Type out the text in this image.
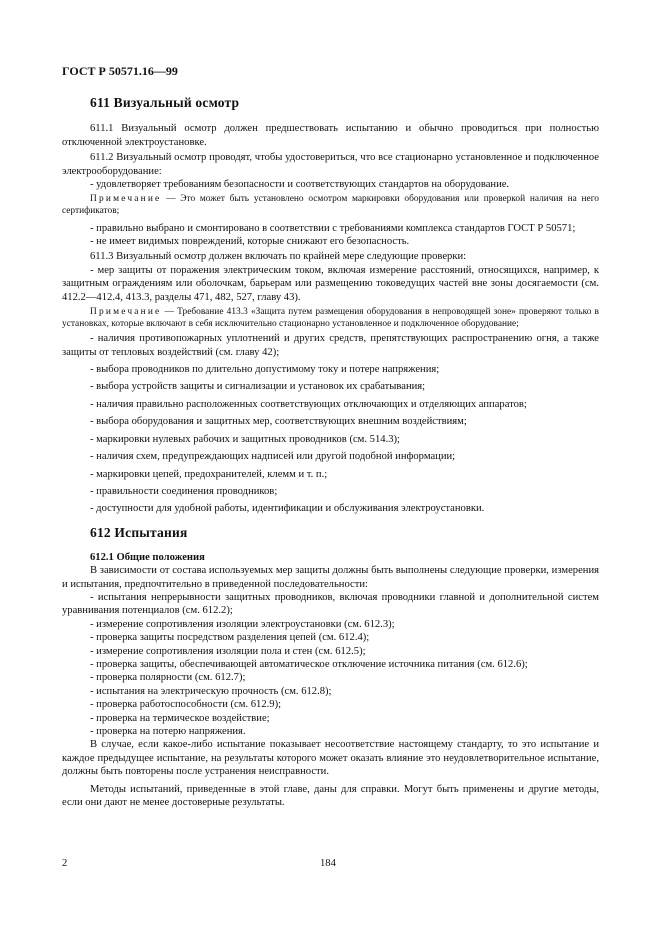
ГОСТ Р 50571.16—99
611 Визуальный осмотр

611.1 Визуальный осмотр должен предшествовать испытанию и обычно проводиться при полностью отключенной электроустановке.

611.2 Визуальный осмотр проводят, чтобы удостовериться, что все стационарно установленное и подключенное электрооборудование:

- удовлетворяет требованиям безопасности и соответствующих стандартов на оборудование.

Примечание — Это может быть установлено осмотром маркировки оборудования или проверкой наличия на него сертификатов;

- правильно выбрано и смонтировано в соответствии с требованиями комплекса стандартов ГОСТ Р 50571;

- не имеет видимых повреждений, которые снижают его безопасность.

611.3 Визуальный осмотр должен включать по крайней мере следующие проверки:

- мер защиты от поражения электрическим током, включая измерение расстояний, относящихся, например, к защитным ограждениям или оболочкам, барьерам или размещению токоведущих частей вне зоны досягаемости (см. 412.2—412.4, 413.3, разделы 471, 482, 527, главу 43).

Примечание — Требование 413.3 «Защита путем размещения оборудования в непроводящей зоне» проверяют только в установках, которые включают в себя исключительно стационарно установленное и подключенное оборудование;

- наличия противопожарных уплотнений и других средств, препятствующих распространению огня, а также защиты от тепловых воздействий (см. главу 42);

- выбора проводников по длительно допустимому току и потере напряжения;

- выбора устройств защиты и сигнализации и установок их срабатывания;

- наличия правильно расположенных соответствующих отключающих и отделяющих аппаратов;

- выбора оборудования и защитных мер, соответствующих внешним воздействиям;

- маркировки нулевых рабочих и защитных проводников (см. 514.3);

- наличия схем, предупреждающих надписей или другой подобной информации;

- маркировки цепей, предохранителей, клемм и т. п.;

- правильности соединения проводников;

- доступности для удобной работы, идентификации и обслуживания электроустановки.

612 Испытания
612.1 Общие положения

В зависимости от состава используемых мер защиты должны быть выполнены следующие проверки, измерения и испытания, предпочтительно в приведенной последовательности:

- испытания непрерывности защитных проводников, включая проводники главной и дополнительной систем уравнивания потенциалов (см. 612.2);

- измерение сопротивления изоляции электроустановки (см. 612.3);

- проверка защиты посредством разделения цепей (см. 612.4);

- измерение сопротивления изоляции пола и стен (см. 612.5);

- проверка защиты, обеспечивающей автоматическое отключение источника питания (см. 612.6);

- проверка полярности (см. 612.7);

- испытания на электрическую прочность (см. 612.8);

- проверка работоспособности (см. 612.9);

- проверка на термическое воздействие;

- проверка на потерю напряжения.

В случае, если какое-либо испытание показывает несоответствие настоящему стандарту, то это испытание и каждое предыдущее испытание, на результаты которого может оказать влияние это неудовлетворительное испытание, должны быть повторены после устранения неисправности.

Методы испытаний, приведенные в этой главе, даны для справки. Могут быть применены и другие методы, если они дают не менее достоверные результаты.

2	184
